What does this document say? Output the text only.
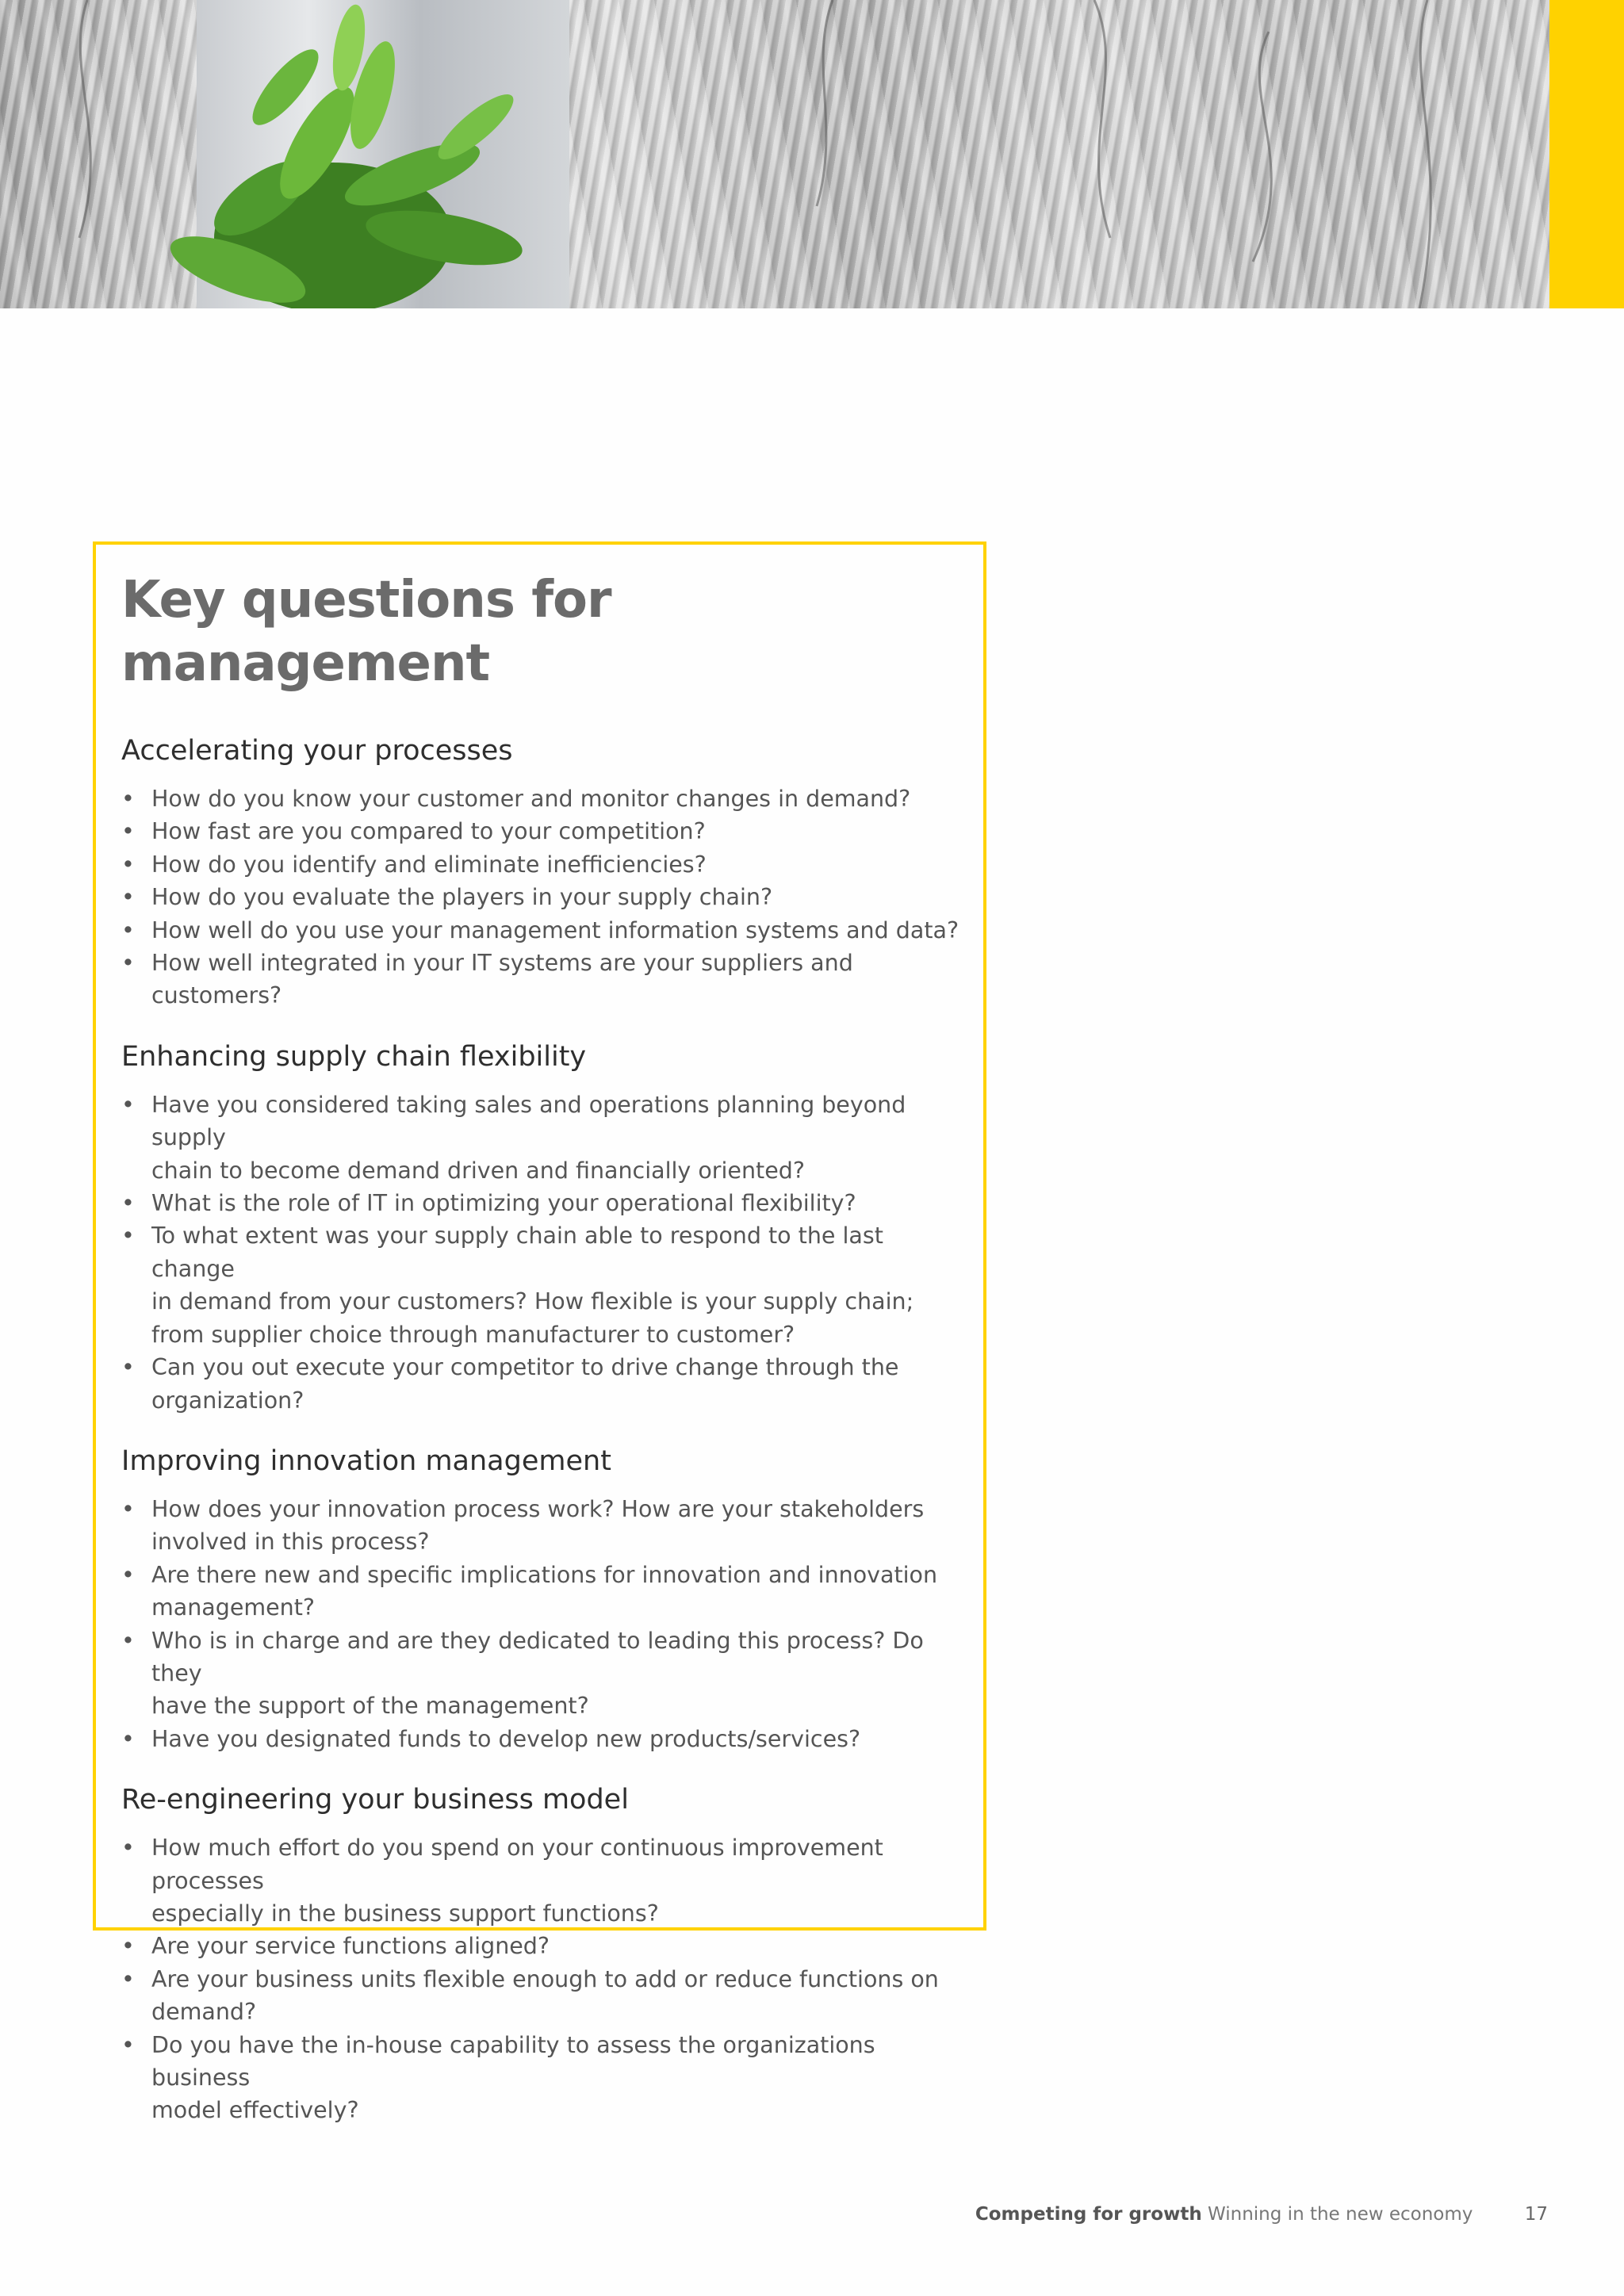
Key questions for management
Accelerating your processes
• How do you know your customer and monitor changes in demand?
• How fast are you compared to your competition?
• How do you identify and eliminate ineﬃciencies?
• How do you evaluate the players in your supply chain?
• How well do you use your management information systems and data?
• How well integrated in your IT systems are your suppliers and customers?
Enhancing supply chain ﬂexibility
• Have you considered taking sales and operations planning beyond supply
chain to become demand driven and ﬁnancially oriented?
• What is the role of IT in optimizing your operational ﬂexibility?
• To what extent was your supply chain able to respond to the last change
in demand from your customers? How ﬂexible is your supply chain;
from supplier choice through manufacturer to customer?
• Can you out execute your competitor to drive change through the
organization?
Improving innovation management
• How does your innovation process work? How are your stakeholders
involved in this process?
• Are there new and speciﬁc implications for innovation and innovation
management?
• Who is in charge and are they dedicated to leading this process? Do they
have the support of the management?
• Have you designated funds to develop new products/services?
Re-engineering your business model
• How much effort do you spend on your continuous improvement processes
especially in the business support functions?
• Are your service functions aligned?
• Are your business units ﬂexible enough to add or reduce functions on
demand?
• Do you have the in-house capability to assess the organizations business
model effectively?
Competing for growth Winning in the new economy	17
